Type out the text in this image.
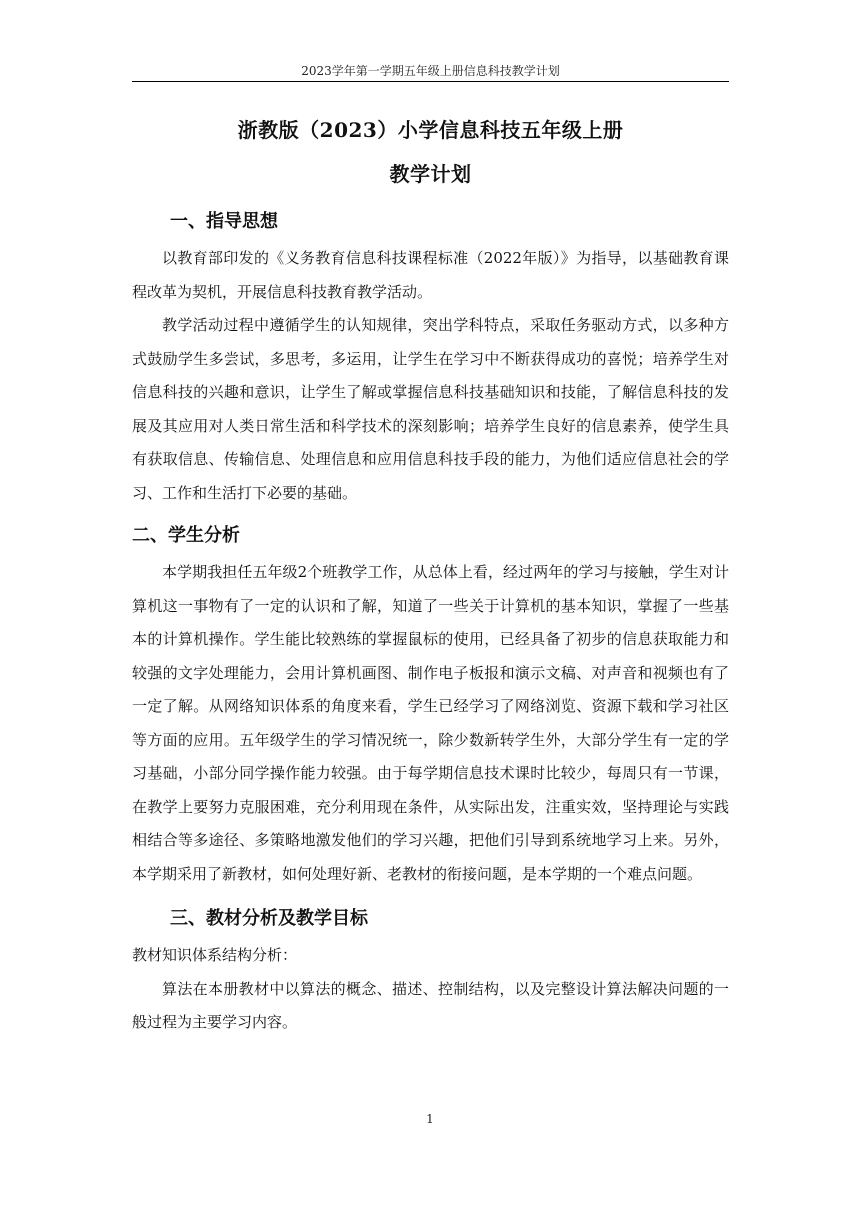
2023学年第一学期五年级上册信息科技教学计划
浙教版（2023）小学信息科技五年级上册
教学计划
一、指导思想

以教育部印发的《义务教育信息科技课程标准（2022年版）》为指导，以基础教育课程改革为契机，开展信息科技教育教学活动。

教学活动过程中遵循学生的认知规律，突出学科特点，采取任务驱动方式，以多种方式鼓励学生多尝试，多思考，多运用，让学生在学习中不断获得成功的喜悦；培养学生对信息科技的兴趣和意识，让学生了解或掌握信息科技基础知识和技能，了解信息科技的发展及其应用对人类日常生活和科学技术的深刻影响；培养学生良好的信息素养，使学生具有获取信息、传输信息、处理信息和应用信息科技手段的能力，为他们适应信息社会的学习、工作和生活打下必要的基础。

二、学生分析

本学期我担任五年级2个班教学工作，从总体上看，经过两年的学习与接触，学生对计算机这一事物有了一定的认识和了解，知道了一些关于计算机的基本知识，掌握了一些基本的计算机操作。学生能比较熟练的掌握鼠标的使用，已经具备了初步的信息获取能力和较强的文字处理能力，会用计算机画图、制作电子板报和演示文稿、对声音和视频也有了一定了解。从网络知识体系的角度来看，学生已经学习了网络浏览、资源下载和学习社区等方面的应用。五年级学生的学习情况统一，除少数新转学生外，大部分学生有一定的学习基础，小部分同学操作能力较强。由于每学期信息技术课时比较少，每周只有一节课，在教学上要努力克服困难，充分利用现在条件，从实际出发，注重实效，坚持理论与实践相结合等多途径、多策略地激发他们的学习兴趣，把他们引导到系统地学习上来。另外，本学期采用了新教材，如何处理好新、老教材的衔接问题，是本学期的一个难点问题。

三、教材分析及教学目标

教材知识体系结构分析：

算法在本册教材中以算法的概念、描述、控制结构，以及完整设计算法解决问题的一般过程为主要学习内容。

1
